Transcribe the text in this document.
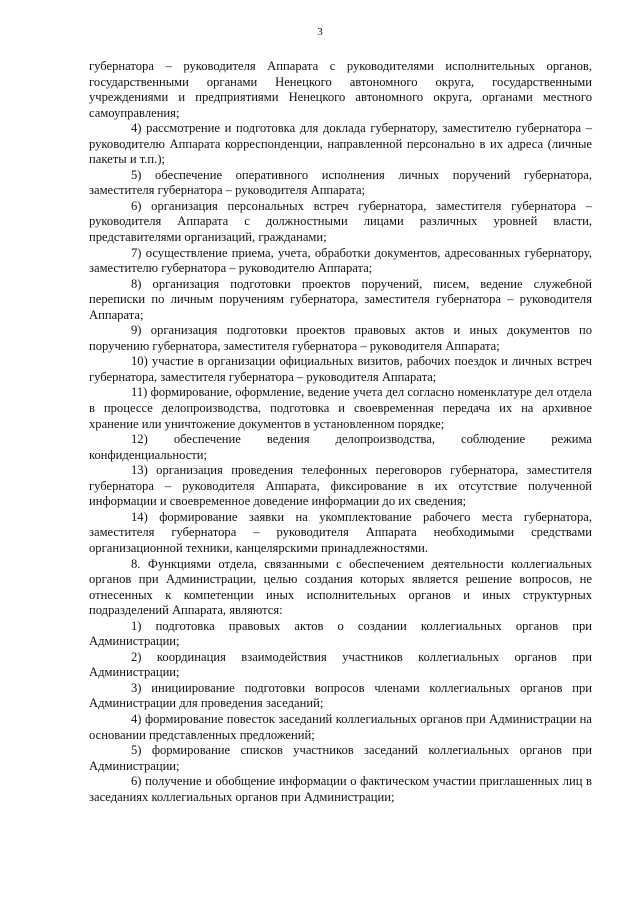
3

губернатора – руководителя Аппарата с руководителями исполнительных органов, государственными органами Ненецкого автономного округа, государственными учреждениями и предприятиями Ненецкого автономного округа, органами местного самоуправления;

4) рассмотрение и подготовка для доклада губернатору, заместителю губернатора – руководителю Аппарата корреспонденции, направленной персонально в их адреса (личные пакеты и т.п.);

5) обеспечение оперативного исполнения личных поручений губернатора, заместителя губернатора – руководителя Аппарата;

6) организация персональных встреч губернатора, заместителя губернатора – руководителя Аппарата с должностными лицами различных уровней власти, представителями организаций, гражданами;

7) осуществление приема, учета, обработки документов, адресованных губернатору, заместителю губернатора – руководителю Аппарата;

8) организация подготовки проектов поручений, писем, ведение служебной переписки по личным поручениям губернатора, заместителя губернатора – руководителя Аппарата;

9) организация подготовки проектов правовых актов и иных документов по поручению губернатора, заместителя губернатора – руководителя Аппарата;

10) участие в организации официальных визитов, рабочих поездок и личных встреч губернатора, заместителя губернатора – руководителя Аппарата;

11) формирование, оформление, ведение учета дел согласно номенклатуре дел отдела в процессе делопроизводства, подготовка и своевременная передача их на архивное хранение или уничтожение документов в установленном порядке;

12) обеспечение ведения делопроизводства, соблюдение режима конфиденциальности;

13) организация проведения телефонных переговоров губернатора, заместителя губернатора – руководителя Аппарата, фиксирование в их отсутствие полученной информации и своевременное доведение информации до их сведения;

14) формирование заявки на укомплектование рабочего места губернатора, заместителя губернатора – руководителя Аппарата необходимыми средствами организационной техники, канцелярскими принадлежностями.

8. Функциями отдела, связанными с обеспечением деятельности коллегиальных органов при Администрации, целью создания которых является решение вопросов, не отнесенных к компетенции иных исполнительных органов и иных структурных подразделений Аппарата, являются:

1) подготовка правовых актов о создании коллегиальных органов при Администрации;

2) координация взаимодействия участников коллегиальных органов при Администрации;

3) инициирование подготовки вопросов членами коллегиальных органов при Администрации для проведения заседаний;

4) формирование повесток заседаний коллегиальных органов при Администрации на основании представленных предложений;

5) формирование списков участников заседаний коллегиальных органов при Администрации;

6) получение и обобщение информации о фактическом участии приглашенных лиц в заседаниях коллегиальных органов при Администрации;
